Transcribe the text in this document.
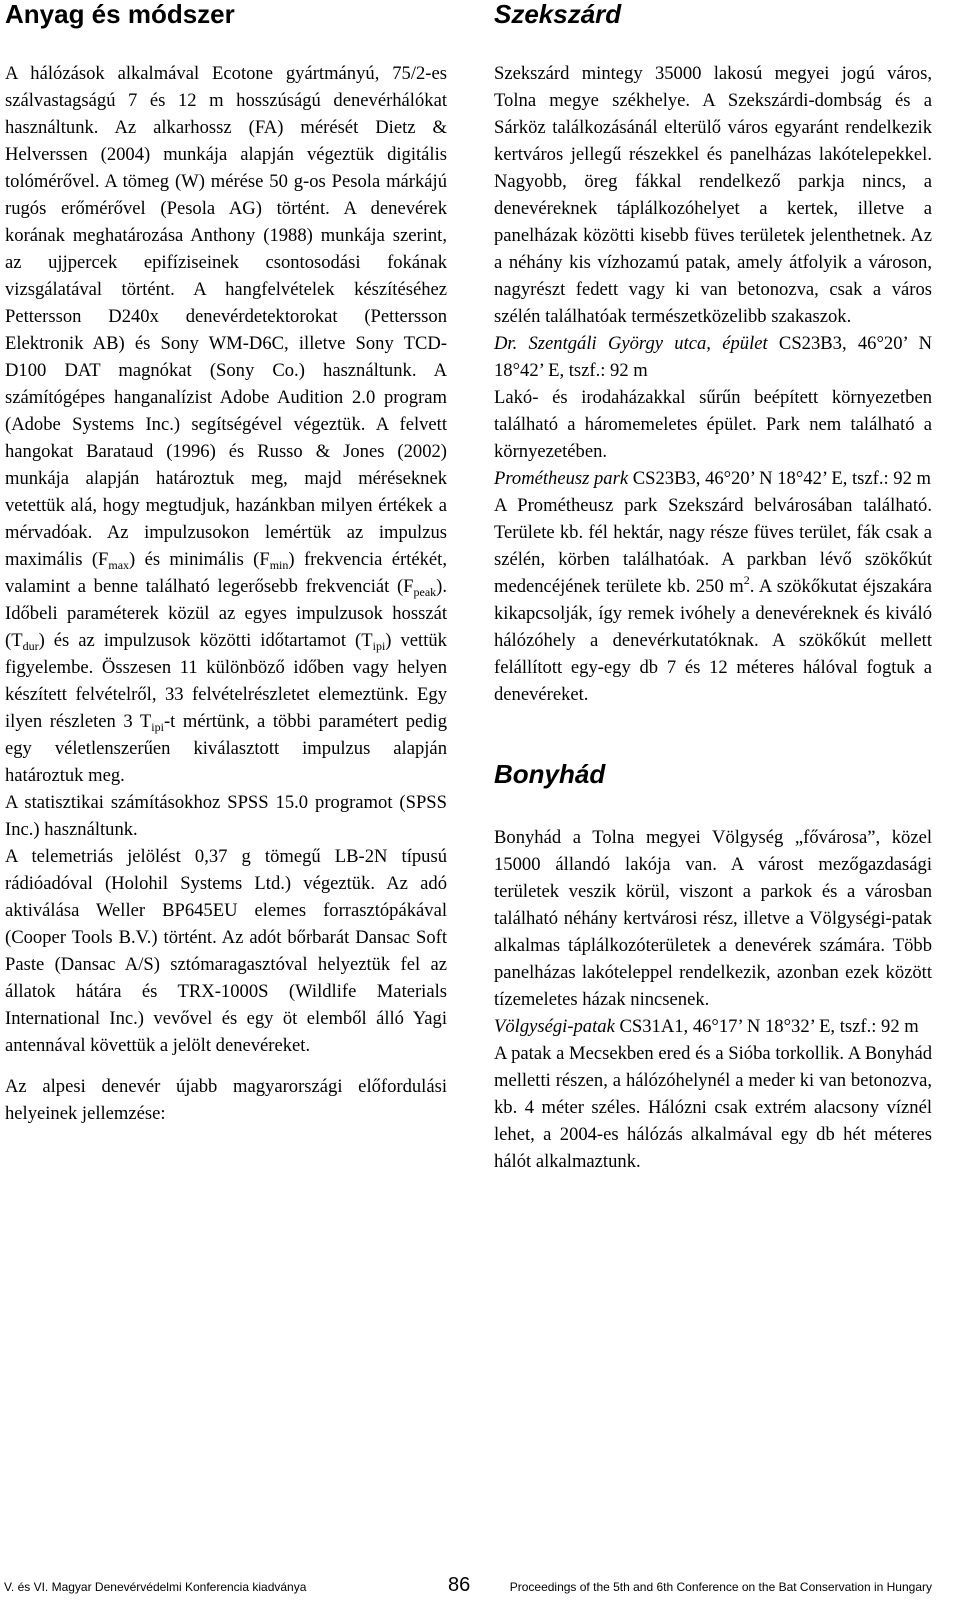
Anyag és módszer

A hálózások alkalmával Ecotone gyártmányú, 75/2-es szálvastagságú 7 és 12 m hosszúságú denevérhálókat használtunk. Az alkarhossz (FA) mérését Dietz & Helverssen (2004) munkája alapján végeztük digitális tolómérővel. A tömeg (W) mérése 50 g-os Pesola márkájú rugós erőmérővel (Pesola AG) történt. A denevérek korának meghatározása Anthony (1988) munkája szerint, az ujjpercek epifíziseinek csontosodási fokának vizsgálatával történt. A hangfelvételek készítéséhez Pettersson D240x denevérdetektorokat (Pettersson Elektronik AB) és Sony WM-D6C, illetve Sony TCD-D100 DAT magnókat (Sony Co.) használtunk. A számítógépes hanganalízist Adobe Audition 2.0 program (Adobe Systems Inc.) segítségével végeztük. A felvett hangokat Barataud (1996) és Russo & Jones (2002) munkája alapján határoztuk meg, majd méréseknek vetettük alá, hogy megtudjuk, hazánkban milyen értékek a mérvadóak. Az impulzusokon lemértük az impulzus maximális $(F_{max})$ és minimális $(F_{min})$ frekvencia értékét, valamint a benne található legerősebb frekvenciát $(F_{peak})$. Időbeli paraméterek közül az egyes impulzusok hosszát $(T_{dur})$ és az impulzusok közötti időtartamot $(T_{ipi})$ vettük figyelembe. Összesen 11 különböző időben vagy helyen készített felvételről, 33 felvételrészletet elemeztünk. Egy ilyen részleten 3 $T_{ipi}-t$ mértünk, a többi paramétert pedig egy véletlenszerűen kiválasztott impulzus alapján határoztuk meg.

A statisztikai számításokhoz SPSS 15.0 programot (SPSS Inc.) használtunk.

A telemetriás jelölést 0,37 g tömegű LB-2N típusú rádióadóval (Holohil Systems Ltd.) végeztük. Az adó aktiválása Weller BP645EU elemes forrasztópákával (Cooper Tools B.V.) történt. Az adót bőrbarát Dansac Soft Paste (Dansac A/S) sztómaragasztóval helyeztük fel az állatok hátára és TRX-1000S (Wildlife Materials International Inc.) vevővel és egy öt elemből álló Yagi antennával követtük a jelölt denevéreket.

Az alpesi denevér újabb magyarországi előfordulási helyeinek jellemzése:

Szekszárd

Szekszárd mintegy 35000 lakosú megyei jogú város, Tolna megye székhelye. A Szekszárdi-dombság és a Sárköz találkozásánál elterülő város egyaránt rendelkezik kertváros jellegű részekkel és panelházas lakótelepekkel. Nagyobb, öreg fákkal rendelkező parkja nincs, a denevéreknek táplálkozóhelyet a kertek, illetve a panelházak közötti kisebb füves területek jelenthetnek. Az a néhány kis vízhozamú patak, amely átfolyik a városon, nagyrészt fedett vagy ki van betonozva, csak a város szélén találhatóak természetközelibb szakaszok.

Dr. Szentgáli György utca, épület CS23B3, 46°20’ N 18°42’ E, tszf.: 92 m

Lakó- és irodaházakkal sűrűn beépített környezetben található a háromemeletes épület. Park nem található a környezetében.

Prométheusz park CS23B3, 46°20’ N 18°42’ E, tszf.: 92 m

A Prométheusz park Szekszárd belvárosában található. Területe kb. fél hektár, nagy része füves terület, fák csak a szélén, körben találhatóak. A parkban lévő szökőkút medencéjének területe kb. 250 $m^2$. A szökőkutat éjszakára kikapcsolják, így remek ivóhely a denevéreknek és kiváló hálózóhely a denevérkutatóknak. A szökőkút mellett felállított egy-egy db 7 és 12 méteres hálóval fogtuk a denevéreket.

Bonyhád

Bonyhád a Tolna megyei Völgység „fővárosa”, közel 15000 állandó lakója van. A várost mezőgazdasági területek veszik körül, viszont a parkok és a városban található néhány kertvárosi rész, illetve a Völgységi-patak alkalmas táplálkozóterületek a denevérek számára. Több panelházas lakóteleppel rendelkezik, azonban ezek között tízemeletes házak nincsenek.

Völgységi-patak CS31A1, 46°17’ N 18°32’ E, tszf.: 92 m

A patak a Mecsekben ered és a Sióba torkollik. A Bonyhád melletti részen, a hálózóhelynél a meder ki van betonozva, kb. 4 méter széles. Hálózni csak extrém alacsony víznél lehet, a 2004-es hálózás alkalmával egy db hét méteres hálót alkalmaztunk.

V. és VI. Magyar Denevérvédelmi Konferencia kiadványa	86	Proceedings of the 5th and 6th Conference on the Bat Conservation in Hungary
